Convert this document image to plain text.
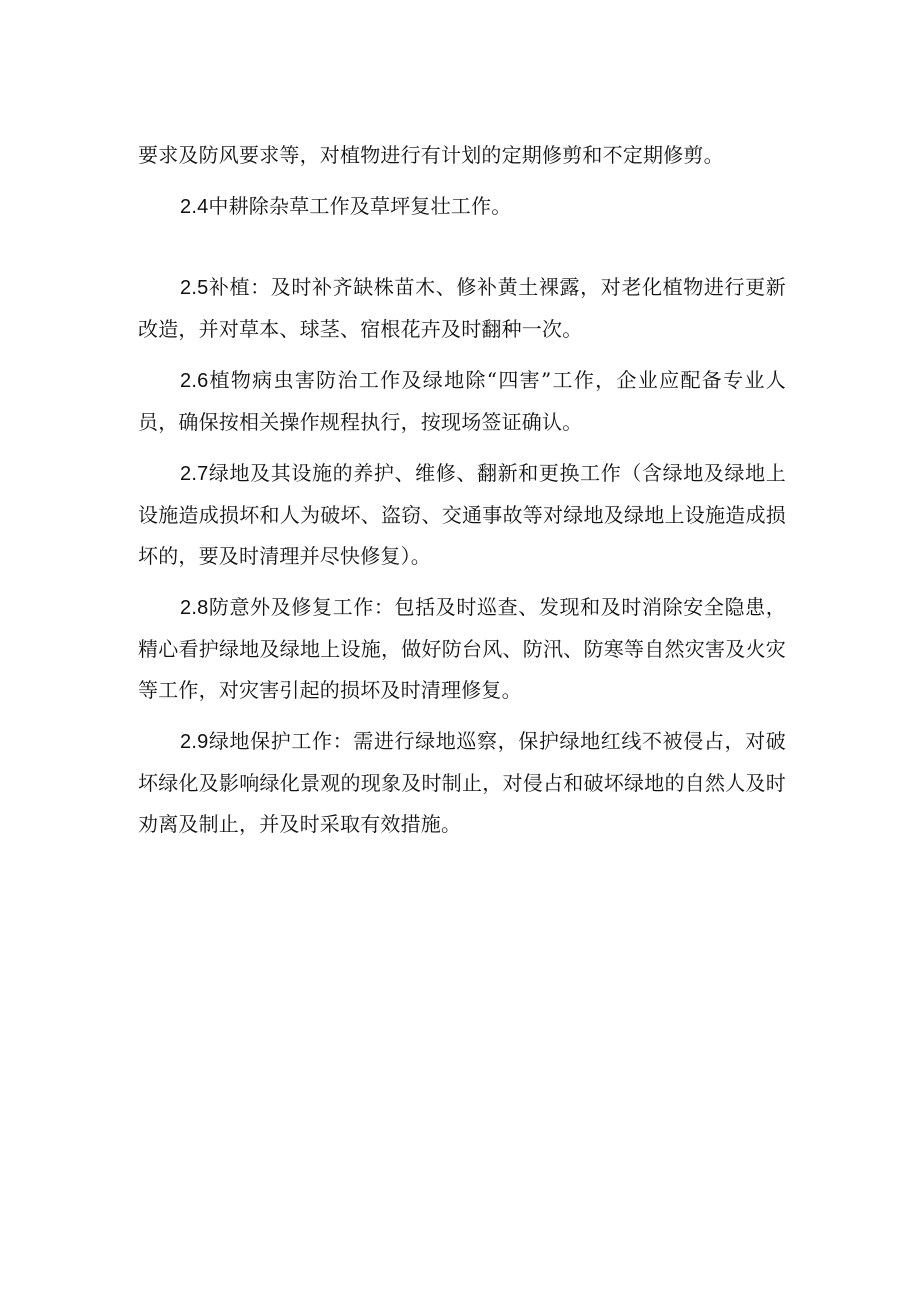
要求及防风要求等，对植物进行有计划的定期修剪和不定期修剪。

2.4中耕除杂草工作及草坪复壮工作。

2.5补植：及时补齐缺株苗木、修补黄土裸露，对老化植物进行更新改造，并对草本、球茎、宿根花卉及时翻种一次。

2.6植物病虫害防治工作及绿地除“四害”工作，企业应配备专业人员，确保按相关操作规程执行，按现场签证确认。

2.7绿地及其设施的养护、维修、翻新和更换工作（含绿地及绿地上设施造成损坏和人为破坏、盗窃、交通事故等对绿地及绿地上设施造成损坏的，要及时清理并尽快修复）。

2.8防意外及修复工作：包括及时巡查、发现和及时消除安全隐患，精心看护绿地及绿地上设施，做好防台风、防汛、防寒等自然灾害及火灾等工作，对灾害引起的损坏及时清理修复。

2.9绿地保护工作：需进行绿地巡察，保护绿地红线不被侵占，对破坏绿化及影响绿化景观的现象及时制止，对侵占和破坏绿地的自然人及时劝离及制止，并及时采取有效措施。
